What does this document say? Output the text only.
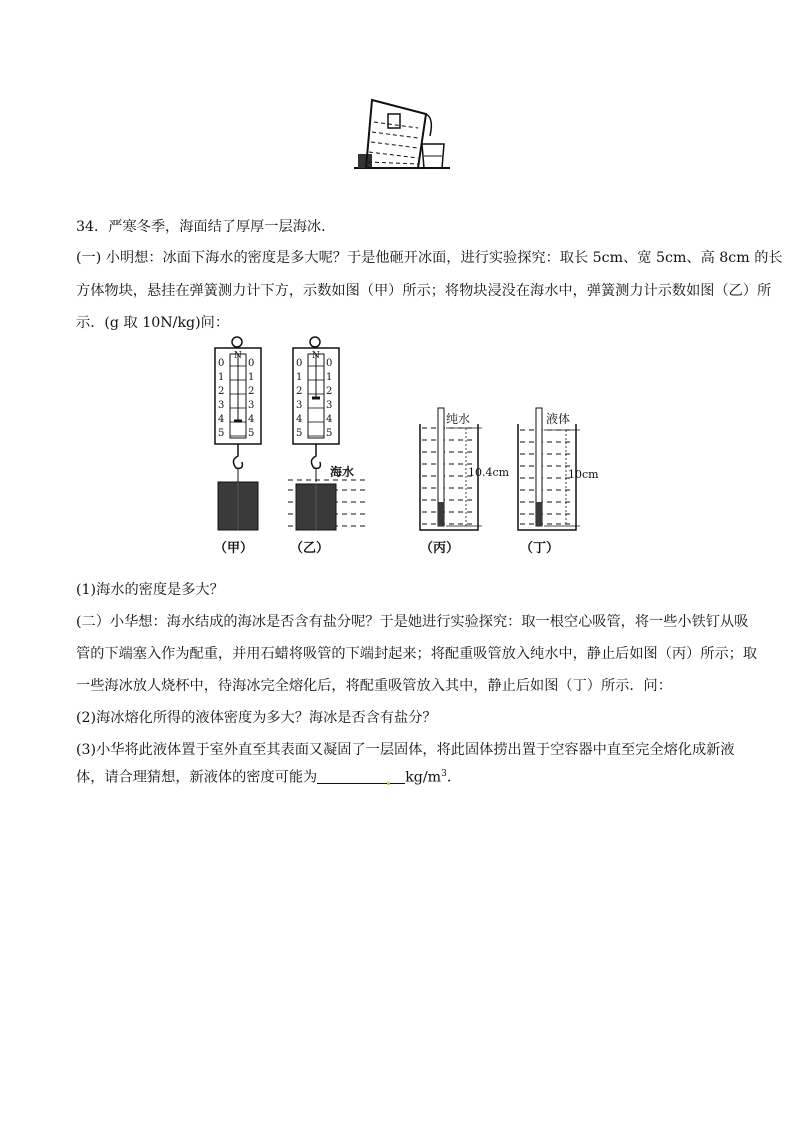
34．严寒冬季，海面结了厚厚一层海冰．
(一) 小明想：冰面下海水的密度是多大呢？于是他砸开冰面，进行实验探究：取长 5cm、宽 5cm、高 8cm 的长
方体物块，悬挂在弹簧测力计下方，示数如图（甲）所示；将物块浸没在海水中，弹簧测力计示数如图（乙）所
示．(g 取 10N/kg)问：
N
0
1
2
3
4
5
0
1
2
3
4
5
（甲）
N
0
1
2
3
4
5
0
1
2
3
4
5
海水
（乙）
纯水
10.4cm
（丙）
液体
10cm
（丁）
(1)海水的密度是多大？
(二）小华想：海水结成的海冰是否含有盐分呢？于是她进行实验探究：取一根空心吸管，将一些小铁钉从吸
管的下端塞入作为配重，并用石蜡将吸管的下端封起来；将配重吸管放入纯水中，静止后如图（丙）所示；取
一些海冰放人烧杯中，待海冰完全熔化后，将配重吸管放入其中，静止后如图（丁）所示．问：
(2)海冰熔化所得的液体密度为多大？海冰是否含有盐分？
(3)小华将此液体置于室外直至其表面又凝固了一层固体，将此固体捞出置于空容器中直至完全熔化成新液
体，请合理猜想，新液体的密度可能为	$kg/m^3$．
